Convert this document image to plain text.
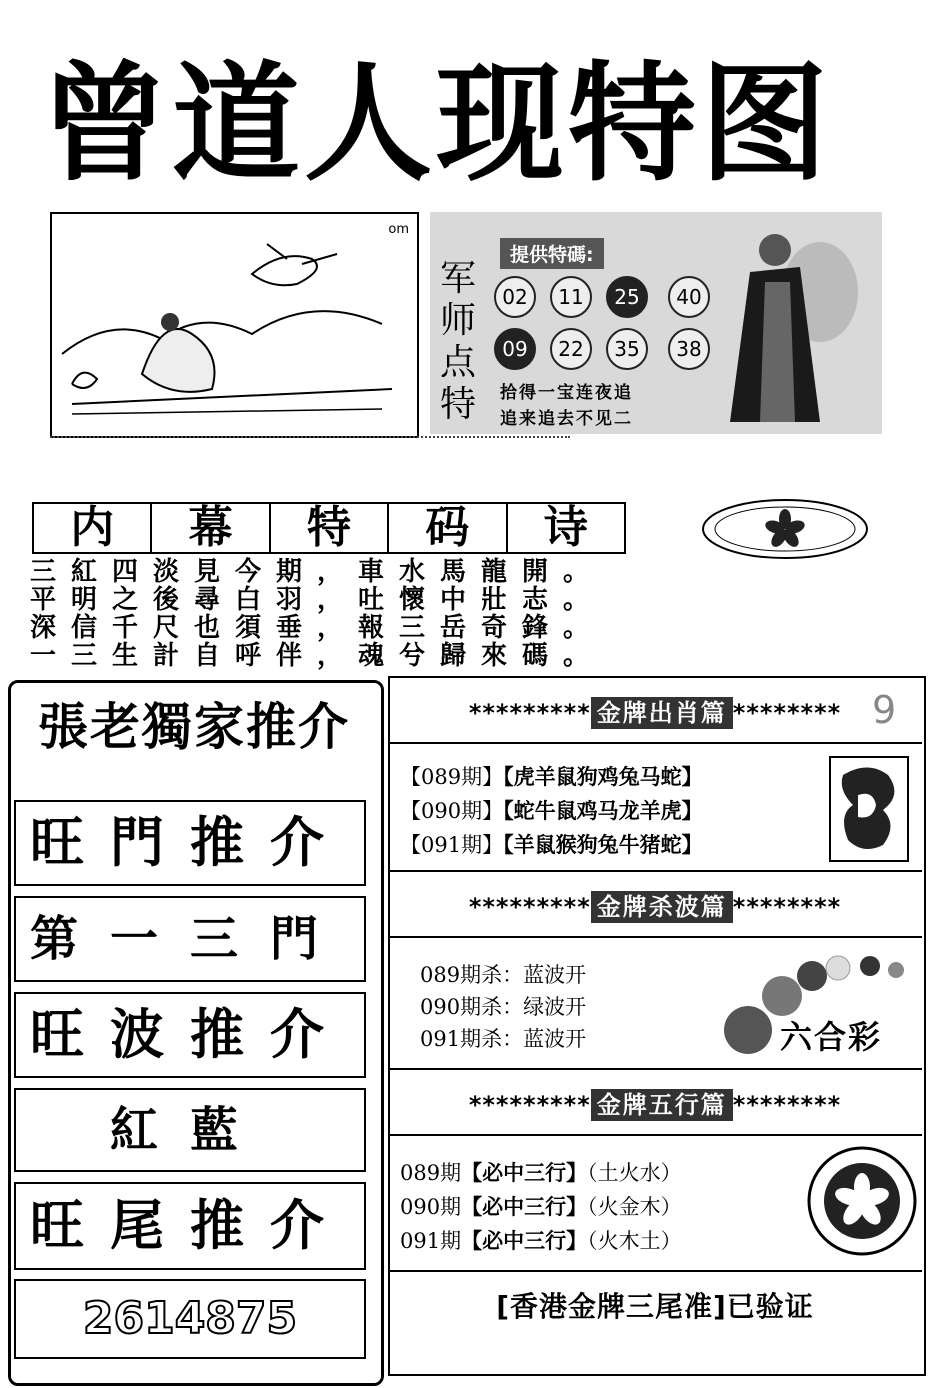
曾道人现特图
om
提供特碼:
军
师
点
特
02	11	25	40
09	22	35	38
拾得一宝连夜追
追来追去不见二
内	幕	特	码	诗
三紅四淡見今期，車水馬龍開。
平明之後尋白羽，吐懷中壯志。
深信千尺也須垂，報三岳奇鋒。
一三生計自呼伴，魂兮歸來碼。
張老獨家推介
旺門推介
第一三門
旺波推介
紅藍
旺尾推介
2614875
9
********* 金牌出肖篇 ********
【089期】【虎羊鼠狗鸡兔马蛇】
【090期】【蛇牛鼠鸡马龙羊虎】
【091期】【羊鼠猴狗兔牛猪蛇】
********* 金牌杀波篇 ********
089期杀：蓝波开
090期杀：绿波开
091期杀：蓝波开	六合彩
********* 金牌五行篇 ********
089期【必中三行】（土火水）
090期【必中三行】（火金木）
091期【必中三行】（火木土）
[香港金牌三尾准]已验证
